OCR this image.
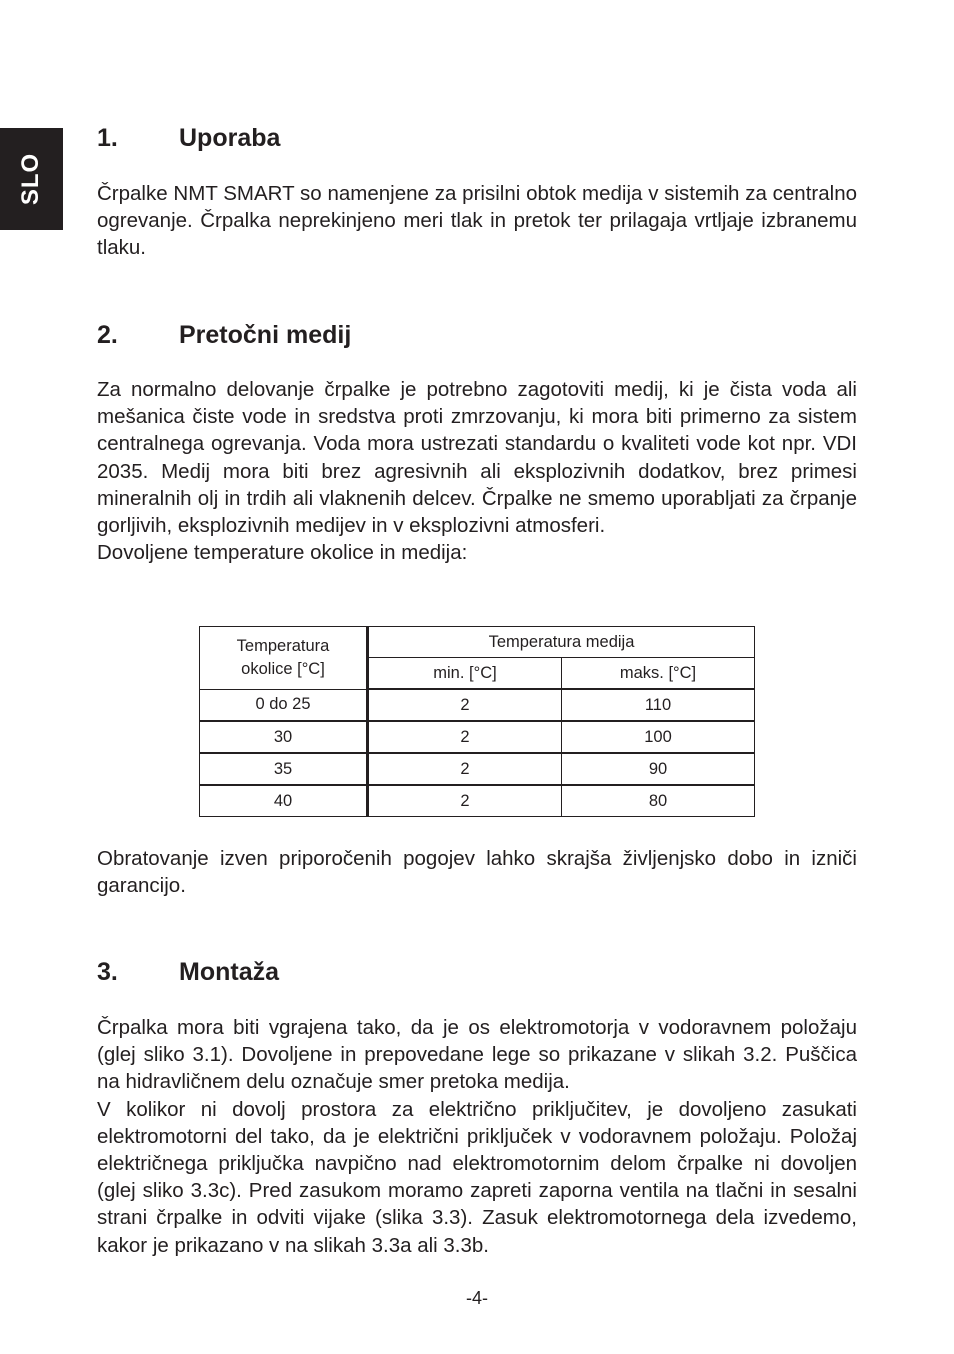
SLO
1. Uporaba

Črpalke NMT SMART so namenjene za prisilni obtok medija v sistemih za centralno ogrevanje. Črpalka neprekinjeno meri tlak in pretok ter prilagaja vrtljaje izbranemu tlaku.

2. Pretočni medij

Za normalno delovanje črpalke je potrebno zagotoviti medij, ki je čista voda ali mešanica čiste vode in sredstva proti zmrzovanju, ki mora biti primerno za sistem centralnega ogrevanja. Voda mora ustrezati standardu o kvaliteti vode kot npr. VDI 2035. Medij mora biti brez agresivnih ali eksplozivnih dodatkov, brez primesi mineralnih olj in trdih ali vlaknenih delcev. Črpalke ne smemo uporabljati za črpanje gorljivih, eksplozivnih medijev in v eksplozivni atmosferi.

Dovoljene temperature okolice in medija:

Temperatura
okolice [°C]	Temperatura medija	
	min. [°C]	maks. [°C]
0 do 25	2	110
30	2	100
35	2	90
40	2	80

Obratovanje izven priporočenih pogojev lahko skrajša življenjsko dobo in izniči garancijo.

3. Montaža

Črpalka mora biti vgrajena tako, da je os elektromotorja v vodoravnem položaju (glej sliko 3.1). Dovoljene in prepovedane lege so prikazane v slikah 3.2. Puščica na hidravličnem delu označuje smer pretoka medija.

V kolikor ni dovolj prostora za električno priključitev, je dovoljeno zasukati elektromotorni del tako, da je električni priključek v vodoravnem položaju. Položaj električnega priključka navpično nad elektromotornim delom črpalke ni dovoljen (glej sliko 3.3c). Pred zasukom moramo zapreti zaporna ventila na tlačni in sesalni strani črpalke in odviti vijake (slika 3.3). Zasuk elektromotornega dela izvedemo, kakor je prikazano v na slikah 3.3a ali 3.3b.

-4-
